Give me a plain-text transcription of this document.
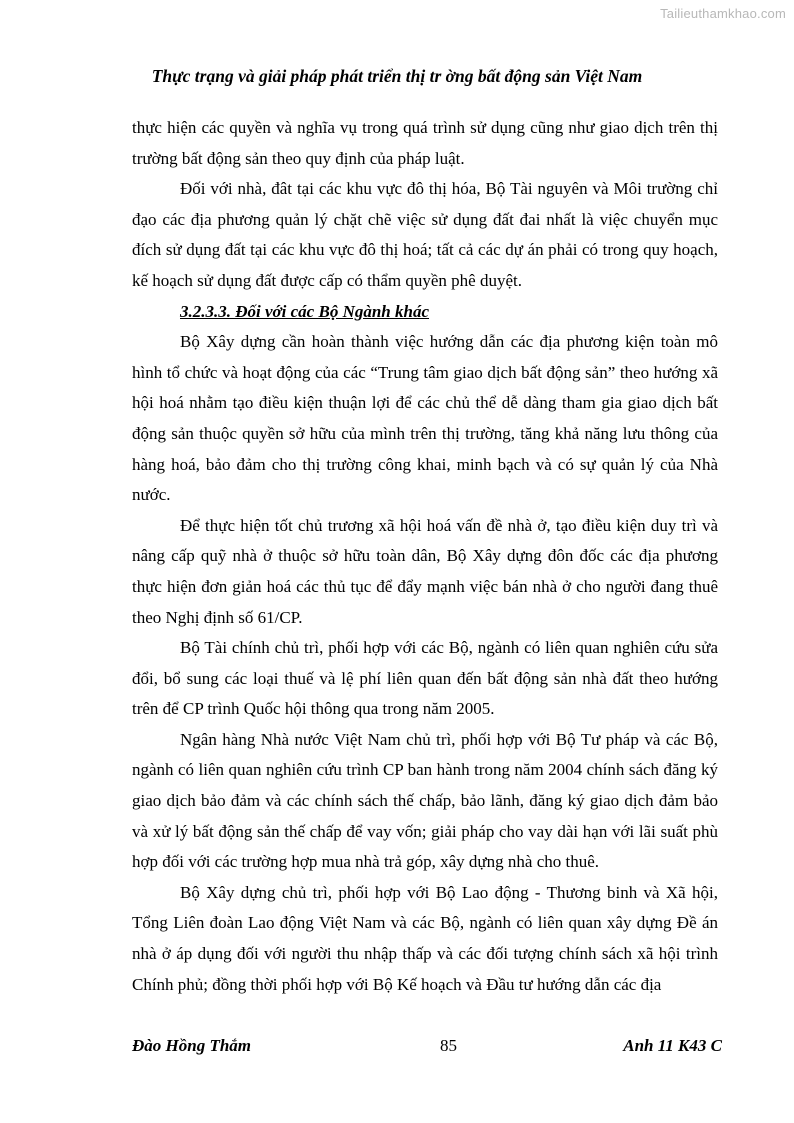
Tailieuthamkhao.com
Thực trạng và giải pháp phát triển thị tr ờng bất động sản Việt Nam

thực hiện các quyền và nghĩa vụ trong quá trình sử dụng cũng như giao dịch trên thị trường bất động sản theo quy định của pháp luật.

Đối với nhà, đât tại các khu vực đô thị hóa, Bộ Tài nguyên và Môi trường chỉ đạo các địa phương quản lý chặt chẽ việc sử dụng đất đai nhất là việc chuyển mục đích sử dụng đất tại các khu vực đô thị hoá; tất cả các dự án phải có trong quy hoạch, kế hoạch sử dụng đất được cấp có thẩm quyền phê duyệt.

3.2.3.3. Đối với các Bộ Ngành khác

Bộ Xây dựng cần hoàn thành việc hướng dẫn các địa phương kiện toàn mô hình tổ chức và hoạt động của các “Trung tâm giao dịch bất động sản” theo hướng xã hội hoá nhằm tạo điều kiện thuận lợi để các chủ thể dễ dàng tham gia giao dịch bất động sản thuộc quyền sở hữu của mình trên thị trường, tăng khả năng lưu thông của hàng hoá, bảo đảm cho thị trường công khai, minh bạch và có sự quản lý của Nhà nước.

Để thực hiện tốt chủ trương xã hội hoá vấn đề nhà ở, tạo điều kiện duy trì và nâng cấp quỹ nhà ở thuộc sở hữu toàn dân, Bộ Xây dựng đôn đốc các địa phương thực hiện đơn giản hoá các thủ tục để đẩy mạnh việc bán nhà ở cho người đang thuê theo Nghị định số 61/CP.

Bộ Tài chính chủ trì, phối hợp với các Bộ, ngành có liên quan nghiên cứu sửa đổi, bổ sung các loại thuế và lệ phí liên quan đến bất động sản nhà đất theo hướng trên để CP trình Quốc hội thông qua trong năm 2005.

Ngân hàng Nhà nước Việt Nam chủ trì, phối hợp với Bộ Tư pháp và các Bộ, ngành có liên quan nghiên cứu trình CP ban hành trong năm 2004 chính sách đăng ký giao dịch bảo đảm và các chính sách thế chấp, bảo lãnh, đăng ký giao dịch đảm bảo và xử lý bất động sản thế chấp để vay vốn; giải pháp cho vay dài hạn với lãi suất phù hợp đối với các trường hợp mua nhà trả góp, xây dựng nhà cho thuê.

Bộ Xây dựng chủ trì, phối hợp với Bộ Lao động - Thương binh và Xã hội, Tổng Liên đoàn Lao động Việt Nam và các Bộ, ngành có liên quan xây dựng Đề án nhà ở áp dụng đối với người thu nhập thấp và các đối tượng chính sách xã hội trình Chính phủ; đồng thời phối hợp với Bộ Kế hoạch và Đầu tư hướng dẫn các địa

Đào Hồng Thắm	85	Anh 11 K43 C
